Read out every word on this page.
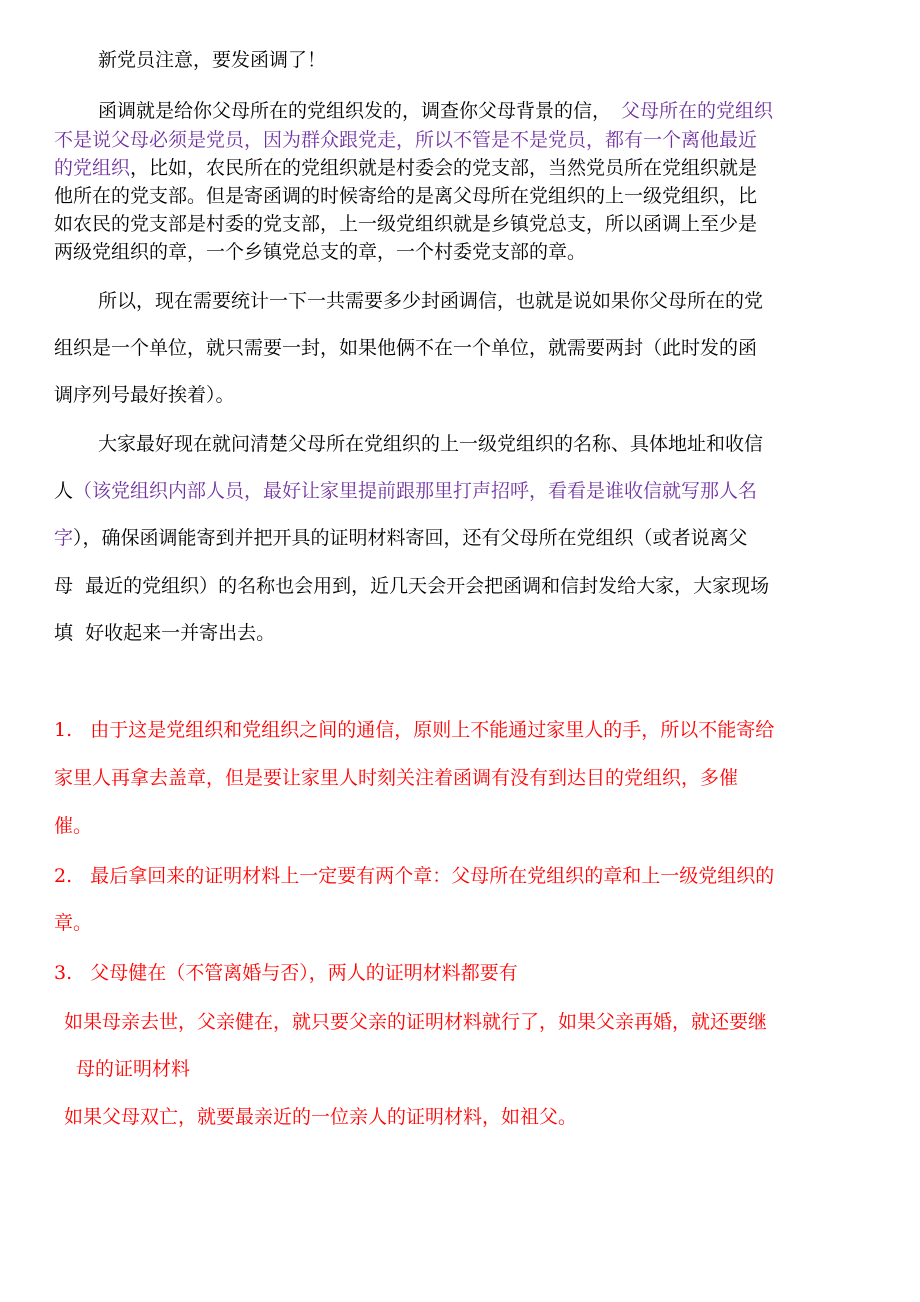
新党员注意，要发函调了！
函调就是给你父母所在的党组织发的，调查你父母背景的信， 父母所在的党组织
不是说父母必须是党员，因为群众跟党走，所以不管是不是党员，都有一个离他最近
的党组织，比如，农民所在的党组织就是村委会的党支部，当然党员所在党组织就是
他所在的党支部。但是寄函调的时候寄给的是离父母所在党组织的上一级党组织，比
如农民的党支部是村委的党支部，上一级党组织就是乡镇党总支，所以函调上至少是
两级党组织的章，一个乡镇党总支的章，一个村委党支部的章。
所以，现在需要统计一下一共需要多少封函调信，也就是说如果你父母所在的党
组织是一个单位，就只需要一封，如果他俩不在一个单位，就需要两封（此时发的函
调序列号最好挨着）。
大家最好现在就问清楚父母所在党组织的上一级党组织的名称、具体地址和收信
人（该党组织内部人员，最好让家里提前跟那里打声招呼，看看是谁收信就写那人名
字），确保函调能寄到并把开具的证明材料寄回，还有父母所在党组织（或者说离父
母  最近的党组织）的名称也会用到，近几天会开会把函调和信封发给大家，大家现场
填  好收起来一并寄出去。
1.   由于这是党组织和党组织之间的通信，原则上不能通过家里人的手，所以不能寄给
家里人再拿去盖章，但是要让家里人时刻关注着函调有没有到达目的党组织，多催
催。
2.   最后拿回来的证明材料上一定要有两个章：父母所在党组织的章和上一级党组织的
章。
3.   父母健在（不管离婚与否），两人的证明材料都要有
如果母亲去世，父亲健在，就只要父亲的证明材料就行了，如果父亲再婚，就还要继
母的证明材料
如果父母双亡，就要最亲近的一位亲人的证明材料，如祖父。
